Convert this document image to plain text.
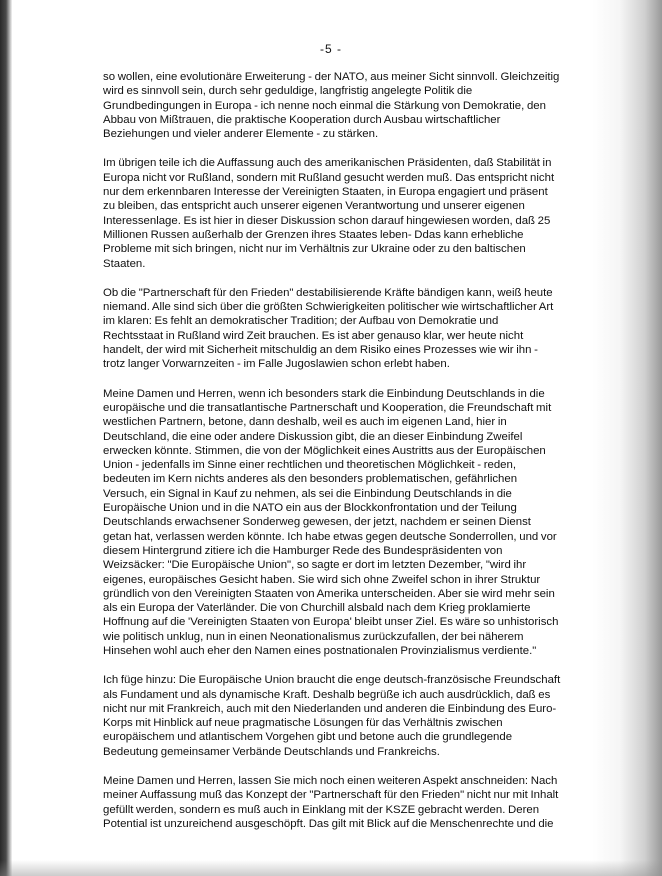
-5 -

so wollen, eine evolutionäre Erweiterung - der NATO, aus meiner Sicht sinnvoll. Gleichzeitig wird es sinnvoll sein, durch sehr geduldige, langfristig angelegte Politik die Grundbedingungen in Europa - ich nenne noch einmal die Stärkung von Demokratie, den Abbau von Mißtrauen, die praktische Kooperation durch Ausbau wirtschaftlicher Beziehungen und vieler anderer Elemente - zu stärken.

Im übrigen teile ich die Auffassung auch des amerikanischen Präsidenten, daß Stabilität in Europa nicht vor Rußland, sondern mit Rußland gesucht werden muß. Das entspricht nicht nur dem erkennbaren Interesse der Vereinigten Staaten, in Europa engagiert und präsent zu bleiben, das entspricht auch unserer eigenen Verantwortung und unserer eigenen Interessenlage. Es ist hier in dieser Diskussion schon darauf hingewiesen worden, daß 25 Millionen Russen außerhalb der Grenzen ihres Staates leben- Ddas kann erhebliche Probleme mit sich bringen, nicht nur im Verhältnis zur Ukraine oder zu den baltischen Staaten.

Ob die "Partnerschaft für den Frieden" destabilisierende Kräfte bändigen kann, weiß heute niemand. Alle sind sich über die größten Schwierigkeiten politischer wie wirtschaftlicher Art im klaren: Es fehlt an demokratischer Tradition; der Aufbau von Demokratie und Rechtsstaat in Rußland wird Zeit brauchen. Es ist aber genauso klar, wer heute nicht handelt, der wird mit Sicherheit mitschuldig an dem Risiko eines Prozesses wie wir ihn - trotz langer Vorwarnzeiten - im Falle Jugoslawien schon erlebt haben.

Meine Damen und Herren, wenn ich besonders stark die Einbindung Deutschlands in die europäische und die transatlantische Partnerschaft und Kooperation, die Freundschaft mit westlichen Partnern, betone, dann deshalb, weil es auch im eigenen Land, hier in Deutschland, die eine oder andere Diskussion gibt, die an dieser Einbindung Zweifel erwecken könnte. Stimmen, die von der Möglichkeit eines Austritts aus der Europäischen Union - jedenfalls im Sinne einer rechtlichen und theoretischen Möglichkeit - reden, bedeuten im Kern nichts anderes als den besonders problematischen, gefährlichen Versuch, ein Signal in Kauf zu nehmen, als sei die Einbindung Deutschlands in die Europäische Union und in die NATO ein aus der Blockkonfrontation und der Teilung Deutschlands erwachsener Sonderweg gewesen, der jetzt, nachdem er seinen Dienst getan hat, verlassen werden könnte. Ich habe etwas gegen deutsche Sonderrollen, und vor diesem Hintergrund zitiere ich die Hamburger Rede des Bundespräsidenten von Weizsäcker: "Die Europäische Union", so sagte er dort im letzten Dezember, "wird ihr eigenes, europäisches Gesicht haben. Sie wird sich ohne Zweifel schon in ihrer Struktur gründlich von den Vereinigten Staaten von Amerika unterscheiden. Aber sie wird mehr sein als ein Europa der Vaterländer. Die von Churchill alsbald nach dem Krieg proklamierte Hoffnung auf die 'Vereinigten Staaten von Europa' bleibt unser Ziel. Es wäre so unhistorisch wie politisch unklug, nun in einen Neonationalismus zurückzufallen, der bei näherem Hinsehen wohl auch eher den Namen eines postnationalen Provinzialismus verdiente."

Ich füge hinzu: Die Europäische Union braucht die enge deutsch-französische Freundschaft als Fundament und als dynamische Kraft. Deshalb begrüße ich auch ausdrücklich, daß es nicht nur mit Frankreich, auch mit den Niederlanden und anderen die Einbindung des Euro-Korps mit Hinblick auf neue pragmatische Lösungen für das Verhältnis zwischen europäischem und atlantischem Vorgehen gibt und betone auch die grundlegende Bedeutung gemeinsamer Verbände Deutschlands und Frankreichs.

Meine Damen und Herren, lassen Sie mich noch einen weiteren Aspekt anschneiden: Nach meiner Auffassung muß das Konzept der "Partnerschaft für den Frieden" nicht nur mit Inhalt gefüllt werden, sondern es muß auch in Einklang mit der KSZE gebracht werden. Deren Potential ist unzureichend ausgeschöpft. Das gilt mit Blick auf die Menschenrechte und die
